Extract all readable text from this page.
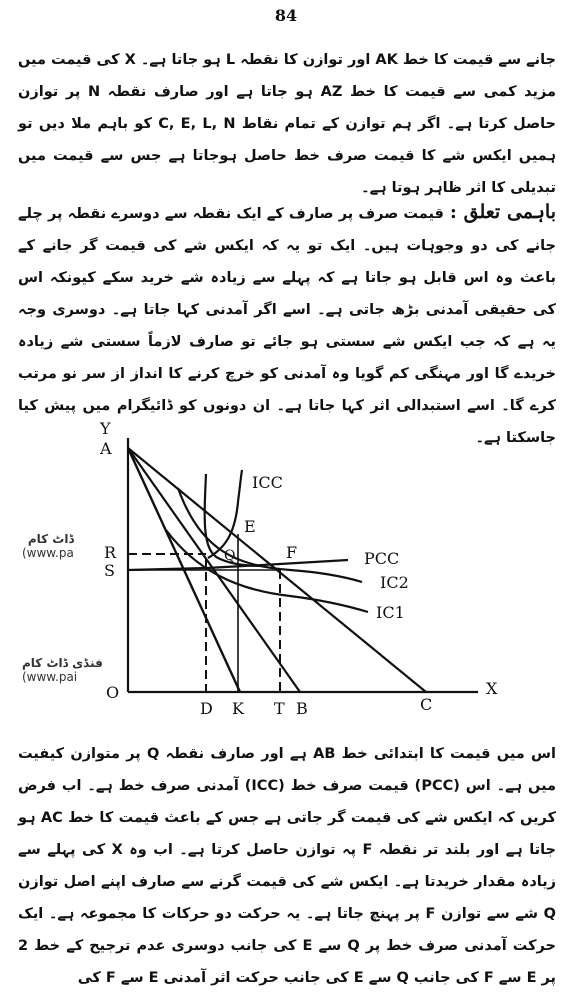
84

جانے سے قیمت کا خط AK اور توازن کا نقطہ L ہو جاتا ہے۔ X کی قیمت میں مزید کمی سے قیمت کا خط AZ ہو جاتا ہے اور صارف نقطہ N پر توازن حاصل کرتا ہے۔ اگر ہم توازن کے تمام نقاط C, E, L, N کو باہم ملا دیں تو ہمیں ایکس شے کا قیمت صرف خط حاصل ہوجاتا ہے جس سے قیمت میں تبدیلی کا اثر ظاہر ہوتا ہے۔

باہمی تعلق :قیمت صرف پر صارف کے ایک نقطہ سے دوسرے نقطہ پر چلے جانے کی دو وجوہات ہیں۔ ایک تو یہ کہ ایکس شے کی قیمت گر جانے کے باعث وہ اس قابل ہو جاتا ہے کہ پہلے سے زیادہ شے خرید سکے کیونکہ اس کی حقیقی آمدنی بڑھ جاتی ہے۔ اسے اگر آمدنی کہا جاتا ہے۔ دوسری وجہ یہ ہے کہ جب ایکس شے سستی ہو جائے تو صارف لازماً سستی شے زیادہ خریدے گا اور مہنگی کم گویا وہ آمدنی کو خرچ کرنے کا انداز از سر نو مرتب کرے گا۔ اسے استبدالی اثر کہا جاتا ہے۔ ان دونوں کو ڈائیگرام میں پیش کیا جاسکتا ہے۔

ڈاٹ کام
(www.pa
فنڈی ڈاٹ کام
(www.pai
Y
A
R
S
O	X
ICC
E
Q	F	PCC
IC2
IC1
D K T B	C

اس میں قیمت کا ابتدائی خط AB ہے اور صارف نقطہ Q پر متوازن کیفیت میں ہے۔ اس (PCC) قیمت صرف خط (ICC) آمدنی صرف خط ہے۔ اب فرض کریں کہ ایکس شے کی قیمت گر جاتی ہے جس کے باعث قیمت کا خط AC ہو جاتا ہے اور بلند تر نقطہ F پہ توازن حاصل کرتا ہے۔ اب وہ X کی پہلے سے زیادہ مقدار خریدتا ہے۔ ایکس شے کی قیمت گرنے سے صارف اپنے اصل توازن Q شے سے توازن F پر پہنچ جاتا ہے۔ یہ حرکت دو حرکات کا مجموعہ ہے۔ ایک حرکت آمدنی صرف خط پر Q سے E کی جانب دوسری عدم ترجیح کے خط 2 پر E سے F کی جانب Q سے E کی جانب حرکت اثر آمدنی E سے F کی
